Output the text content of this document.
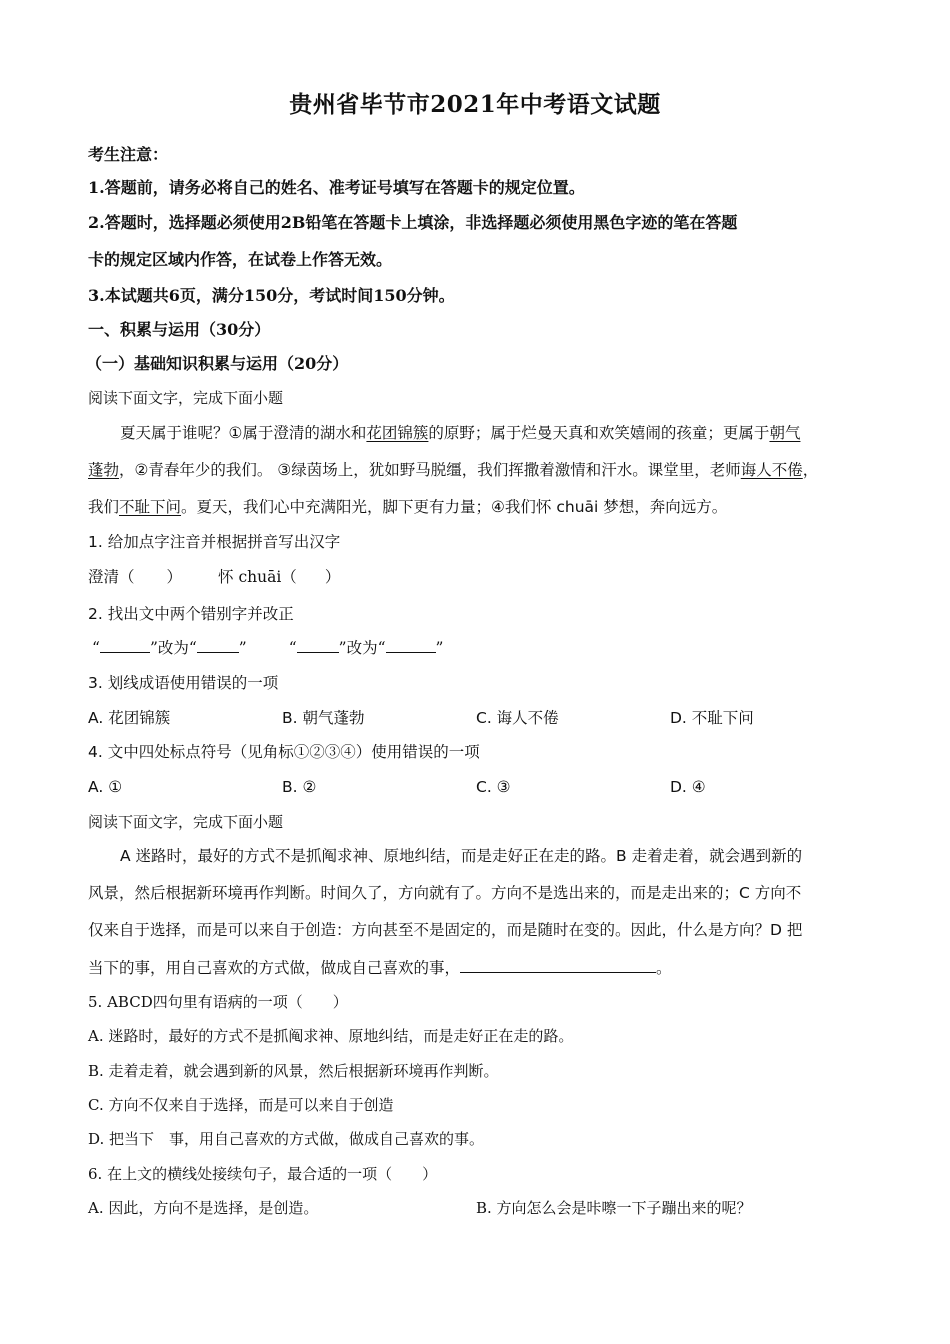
贵州省毕节市2021年中考语文试题
考生注意：
1.答题前，请务必将自己的姓名、准考证号填写在答题卡的规定位置。
2.答题时，选择题必须使用2B铅笔在答题卡上填涂，非选择题必须使用黑色字迹的笔在答题
卡的规定区域内作答，在试卷上作答无效。
3.本试题共6页，满分150分，考试时间150分钟。
一、积累与运用（30分）
（一）基础知识积累与运用（20分）
阅读下面文字，完成下面小题
夏天属于谁呢？①属于澄清的湖水和花团锦簇的原野；属于烂曼天真和欢笑嬉闹的孩童；更属于朝气
蓬勃，②青春年少的我们。 ③绿茵场上，犹如野马脱缰，我们挥撒着激情和汗水。课堂里，老师诲人不倦，
我们不耻下问。夏天，我们心中充满阳光，脚下更有力量；④我们怀 chuāi 梦想，奔向远方。
1. 给加点字注音并根据拼音写出汉字
澄清（ ） 怀 chuāi（ ）
2. 找出文中两个错别字并改正
“	”改为“	”	“	”改为“	”
3. 划线成语使用错误的一项
A. 花团锦簇	B. 朝气蓬勃	C. 诲人不倦	D. 不耻下问
4. 文中四处标点符号（见角标①②③④）使用错误的一项
A. ①	B. ②	C. ③	D. ④
阅读下面文字，完成下面小题
A 迷路时，最好的方式不是抓阄求神、原地纠结，而是走好正在走的路。B 走着走着，就会遇到新的
风景，然后根据新环境再作判断。时间久了，方向就有了。方向不是选出来的，而是走出来的；C 方向不
仅来自于选择，而是可以来自于创造：方向甚至不是固定的，而是随时在变的。因此，什么是方向？D 把
当下的事，用自己喜欢的方式做，做成自己喜欢的事，	。
5. ABCD四句里有语病的一项（　　）
A. 迷路时，最好的方式不是抓阄求神、原地纠结，而是走好正在走的路。
B. 走着走着，就会遇到新的风景，然后根据新环境再作判断。
C. 方向不仅来自于选择，而是可以来自于创造
D. 把当下　事，用自己喜欢的方式做，做成自己喜欢的事。
6. 在上文的横线处接续句子，最合适的一项（　　）
A. 因此，方向不是选择，是创造。	B. 方向怎么会是咔嚓一下子蹦出来的呢？
